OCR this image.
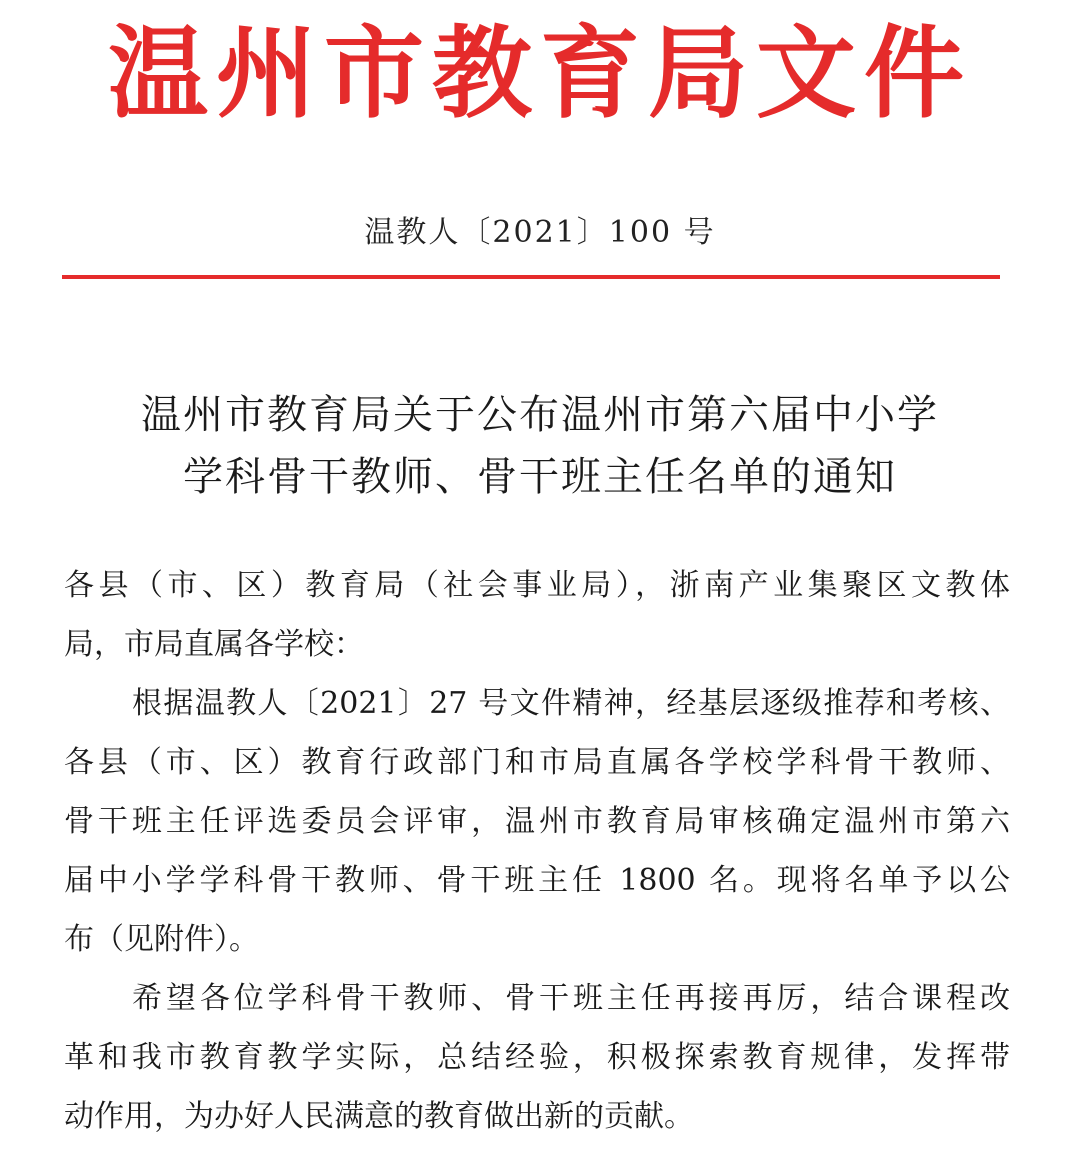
温州市教育局文件
温教人〔2021〕100 号
温州市教育局关于公布温州市第六届中小学
学科骨干教师、骨干班主任名单的通知
各县（市、区）教育局（社会事业局），浙南产业集聚区文教体
局，市局直属各学校：
根据温教人〔2021〕27 号文件精神，经基层逐级推荐和考核、
各县（市、区）教育行政部门和市局直属各学校学科骨干教师、
骨干班主任评选委员会评审，温州市教育局审核确定温州市第六
届中小学学科骨干教师、骨干班主任 1800 名。现将名单予以公
布（见附件）。
希望各位学科骨干教师、骨干班主任再接再厉，结合课程改
革和我市教育教学实际，总结经验，积极探索教育规律，发挥带
动作用，为办好人民满意的教育做出新的贡献。
